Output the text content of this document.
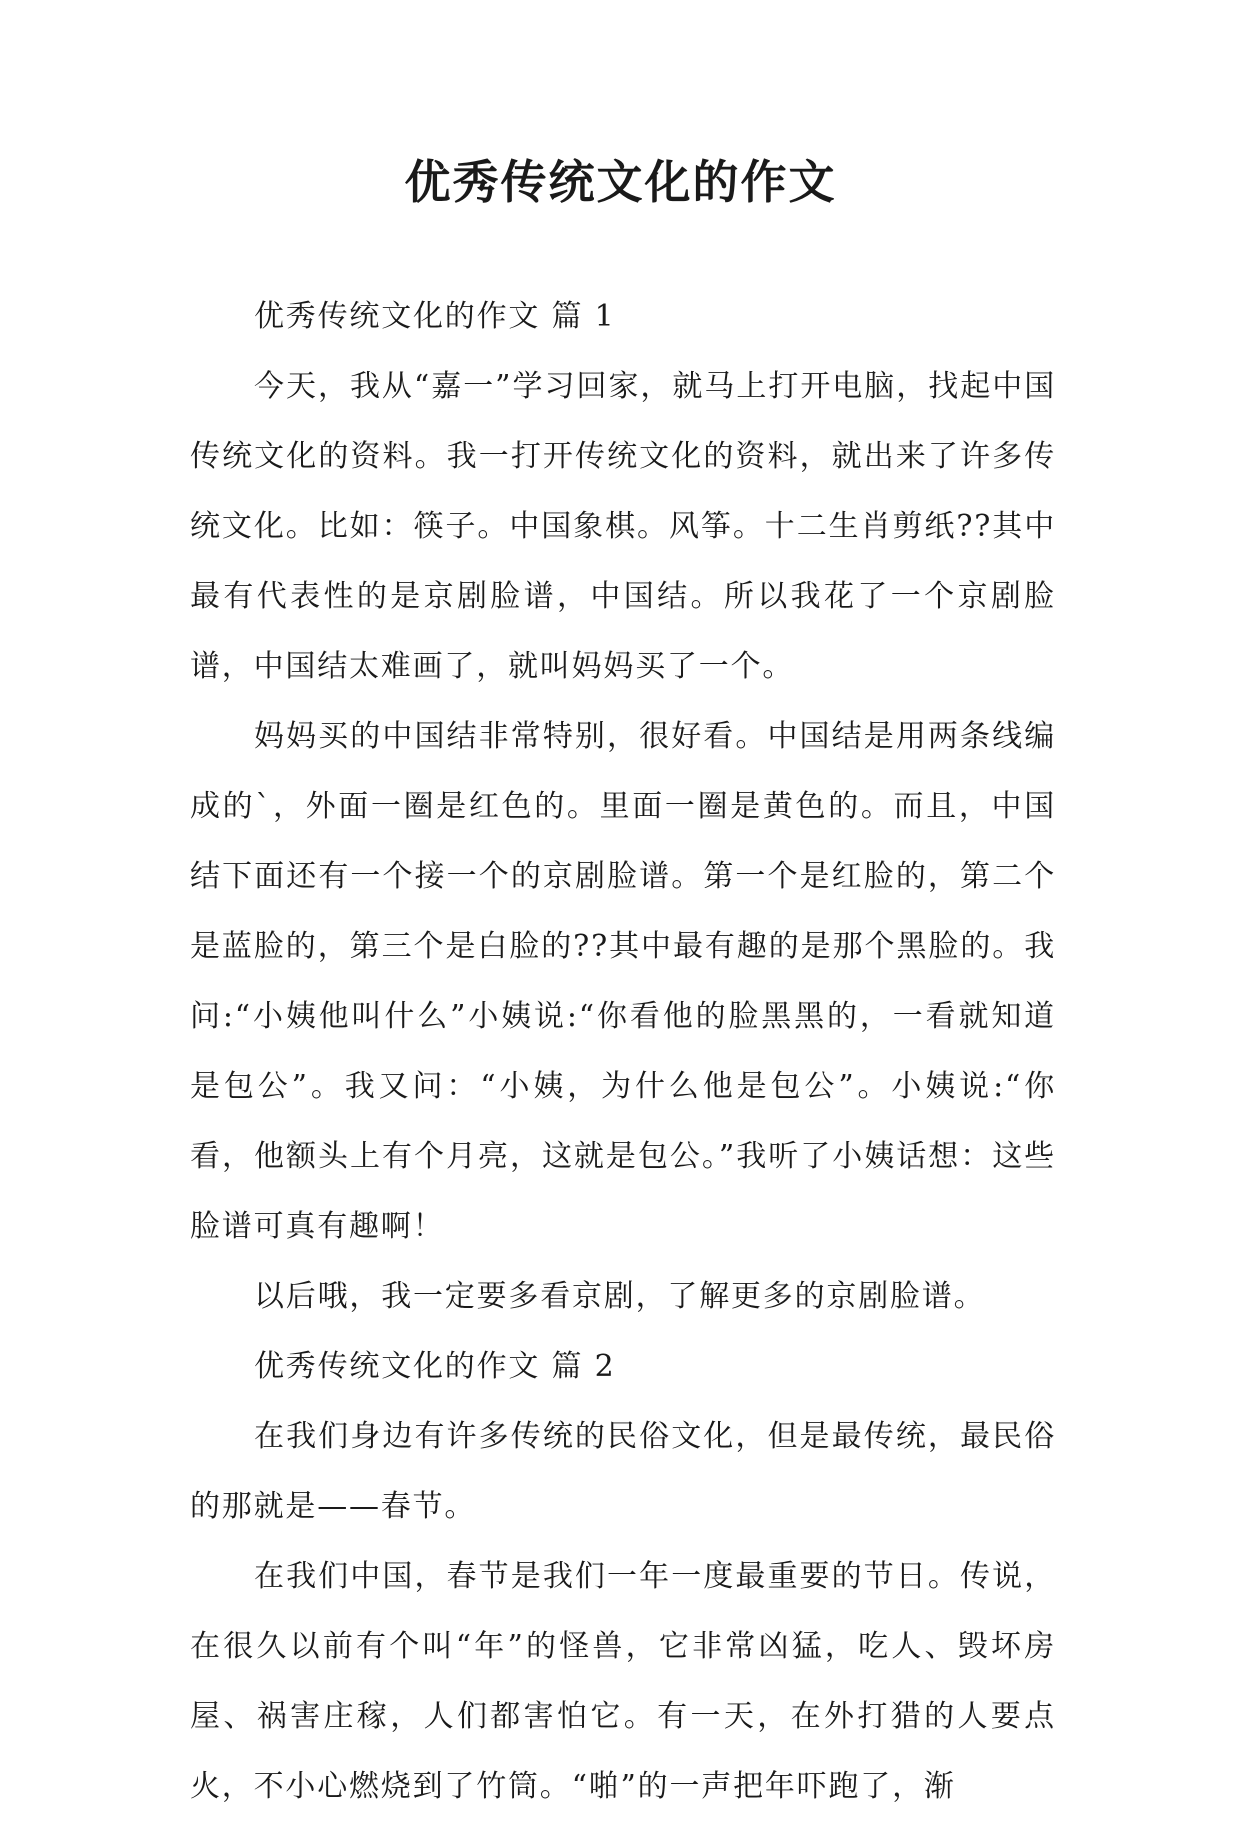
优秀传统文化的作文

优秀传统文化的作文 篇 1

今天，我从“嘉一”学习回家，就马上打开电脑，找起中国传统文化的资料。我一打开传统文化的资料，就出来了许多传统文化。比如：筷子。中国象棋。风筝。十二生肖剪纸??其中最有代表性的是京剧脸谱，中国结。所以我花了一个京剧脸谱，中国结太难画了，就叫妈妈买了一个。

妈妈买的中国结非常特别，很好看。中国结是用两条线编成的`，外面一圈是红色的。里面一圈是黄色的。而且，中国结下面还有一个接一个的京剧脸谱。第一个是红脸的，第二个是蓝脸的，第三个是白脸的??其中最有趣的是那个黑脸的。我问:“小姨他叫什么”小姨说:“你看他的脸黑黑的，一看就知道是包公”。我又问：“小姨，为什么他是包公”。小姨说:“你看，他额头上有个月亮，这就是包公。”我听了小姨话想：这些脸谱可真有趣啊！

以后哦，我一定要多看京剧，了解更多的京剧脸谱。

优秀传统文化的作文 篇 2

在我们身边有许多传统的民俗文化，但是最传统，最民俗的那就是——春节。

在我们中国，春节是我们一年一度最重要的节日。传说，在很久以前有个叫“年”的怪兽，它非常凶猛，吃人、毁坏房屋、祸害庄稼，人们都害怕它。有一天，在外打猎的人要点火，不小心燃烧到了竹筒。“啪”的一声把年吓跑了，渐
